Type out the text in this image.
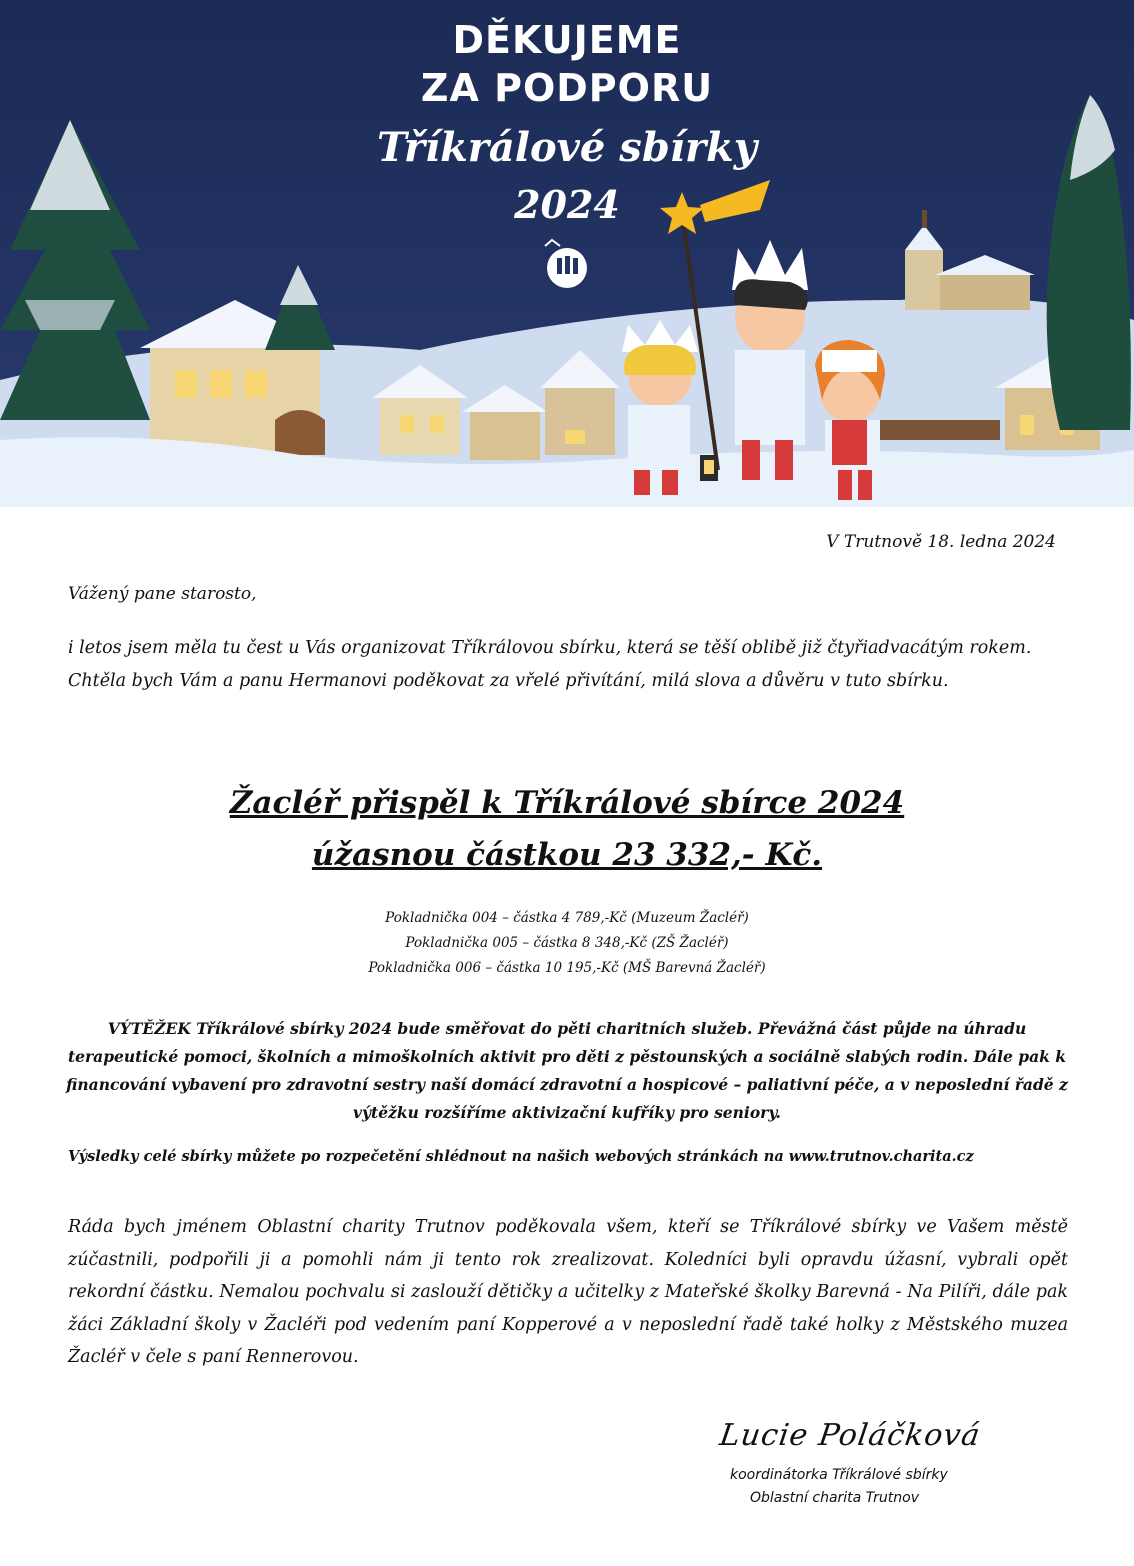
DĚKUJEME
ZA PODPORU
Tříkrálové sbírky
2024
V Trutnově 18. ledna 2024
Vážený pane starosto,
i letos jsem měla tu čest u Vás organizovat Tříkrálovou sbírku, která se těší oblibě již čtyřiadvacátým rokem. Chtěla bych Vám a panu Hermanovi poděkovat za vřelé přivítání, milá slova a důvěru v tuto sbírku.
Žacléř přispěl k Tříkrálové sbírce 2024
úžasnou částkou 23 332,- Kč.
Pokladnička 004 – částka 4 789,-Kč (Muzeum Žacléř)
Pokladnička 005 – částka 8 348,-Kč (ZŠ Žacléř)
Pokladnička 006 – částka 10 195,-Kč (MŠ Barevná Žacléř)
VÝTĚŽEK Tříkrálové sbírky 2024 bude směřovat do pěti charitních služeb. Převážná část půjde na úhradu terapeutické pomoci, školních a mimoškolních aktivit pro děti z pěstounských a sociálně slabých rodin. Dále pak k financování vybavení pro zdravotní sestry naší domácí zdravotní a hospicové – paliativní péče, a v neposlední řadě z výtěžku rozšíříme aktivizační kufříky pro seniory.
Výsledky celé sbírky můžete po rozpečetění shlédnout na našich webových stránkách na www.trutnov.charita.cz
Ráda bych jménem Oblastní charity Trutnov poděkovala všem, kteří se Tříkrálové sbírky ve Vašem městě zúčastnili, podpořili ji a pomohli nám ji tento rok zrealizovat. Koledníci byli opravdu úžasní, vybrali opět rekordní částku. Nemalou pochvalu si zaslouží dětičky a učitelky z Mateřské školky Barevná - Na Pilíři, dále pak žáci Základní školy v Žacléři pod vedením paní Kopperové a v neposlední řadě také holky z Městského muzea Žacléř v čele s paní Rennerovou.
Lucie Poláčková
koordinátorka Tříkrálové sbírky
Oblastní charita Trutnov
